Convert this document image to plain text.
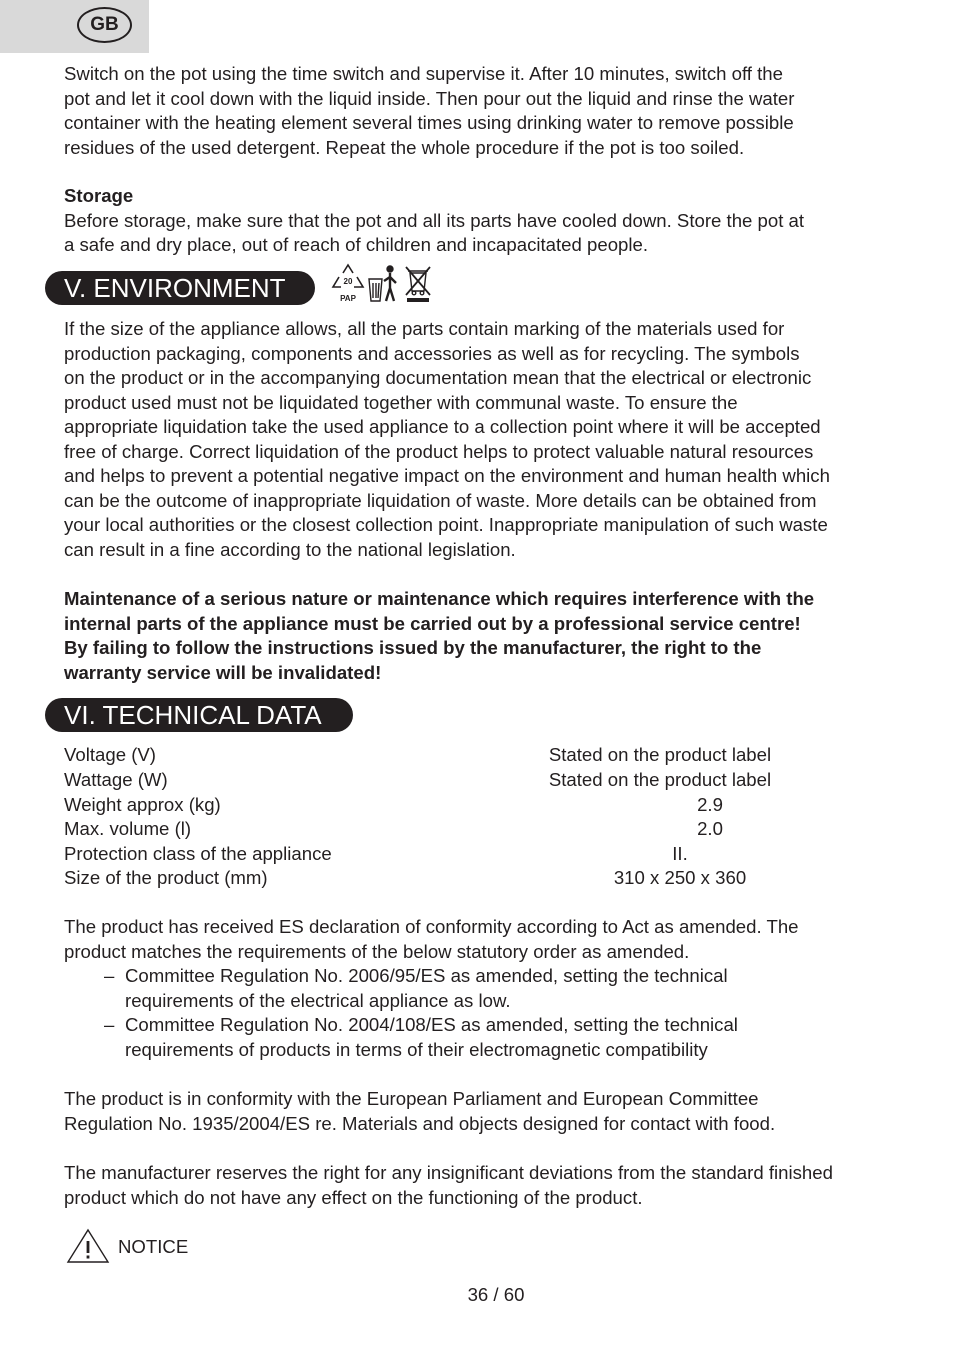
GB

Switch on the pot using the time switch and supervise it. After 10 minutes, switch off the
pot and let it cool down with the liquid inside. Then pour out the liquid and rinse the water
container with the heating element several times using drinking water to remove possible
residues of the used detergent. Repeat the whole procedure if the pot is too soiled.

Storage
Before storage, make sure that the pot and all its parts have cooled down. Store the pot at
a safe and dry place, out of reach of children and incapacitated people.

V. ENVIRONMENT	20
PAP

If the size of the appliance allows, all the parts contain marking of the materials used for
production packaging, components and accessories as well as for recycling. The symbols
on the product or in the accompanying documentation mean that the electrical or electronic
product used must not be liquidated together with communal waste. To ensure the
appropriate liquidation take the used appliance to a collection point where it will be accepted
free of charge. Correct liquidation of the product helps to protect valuable natural resources
and helps to prevent a potential negative impact on the environment and human health which
can be the outcome of inappropriate liquidation of waste. More details can be obtained from
your local authorities or the closest collection point. Inappropriate manipulation of such waste
can result in a fine according to the national legislation.

Maintenance of a serious nature or maintenance which requires interference with the
internal parts of the appliance must be carried out by a professional service centre!
By failing to follow the instructions issued by the manufacturer, the right to the
warranty service will be invalidated!

VI. TECHNICAL DATA
Voltage (V)	Stated on the product label
Wattage (W)	Stated on the product label
Weight approx (kg)	2.9
Max. volume (l)	2.0
Protection class of the appliance	II.
Size of the product (mm)	310 x 250 x 360

The product has received ES declaration of conformity according to Act as amended. The
product matches the requirements of the below statutory order as amended.

– Committee Regulation No. 2006/95/ES as amended, setting the technical
requirements of the electrical appliance as low.
– Committee Regulation No. 2004/108/ES as amended, setting the technical
requirements of products in terms of their electromagnetic compatibility

The product is in conformity with the European Parliament and European Committee
Regulation No. 1935/2004/ES re. Materials and objects designed for contact with food.

The manufacturer reserves the right for any insignificant deviations from the standard finished
product which do not have any effect on the functioning of the product.

NOTICE
36 / 60
